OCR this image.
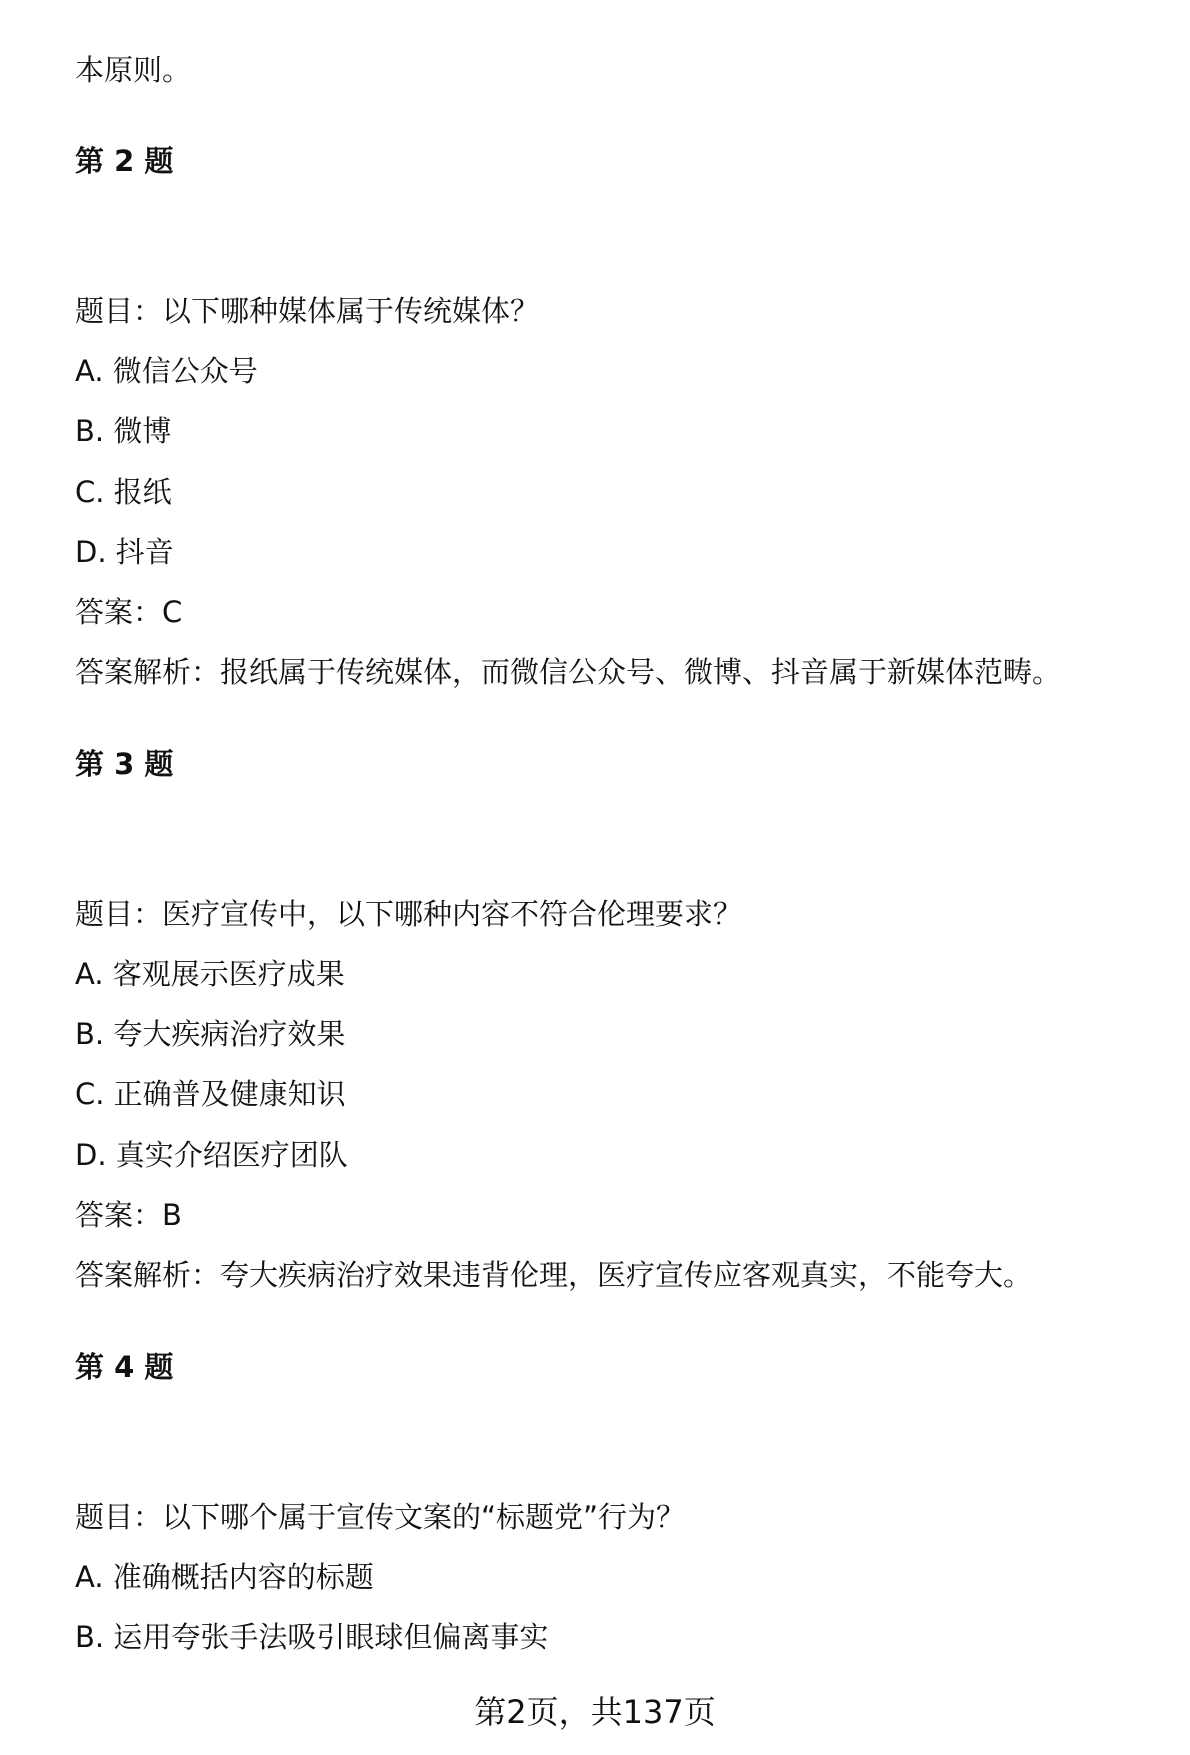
本原则。
第 2 题
题目：以下哪种媒体属于传统媒体？
A. 微信公众号
B. 微博
C. 报纸
D. 抖音
答案：C
答案解析：报纸属于传统媒体，而微信公众号、微博、抖音属于新媒体范畴。
第 3 题
题目：医疗宣传中，以下哪种内容不符合伦理要求？
A. 客观展示医疗成果
B. 夸大疾病治疗效果
C. 正确普及健康知识
D. 真实介绍医疗团队
答案：B
答案解析：夸大疾病治疗效果违背伦理，医疗宣传应客观真实，不能夸大。
第 4 题
题目：以下哪个属于宣传文案的“标题党”行为？
A. 准确概括内容的标题
B. 运用夸张手法吸引眼球但偏离事实
第2页，共137页
